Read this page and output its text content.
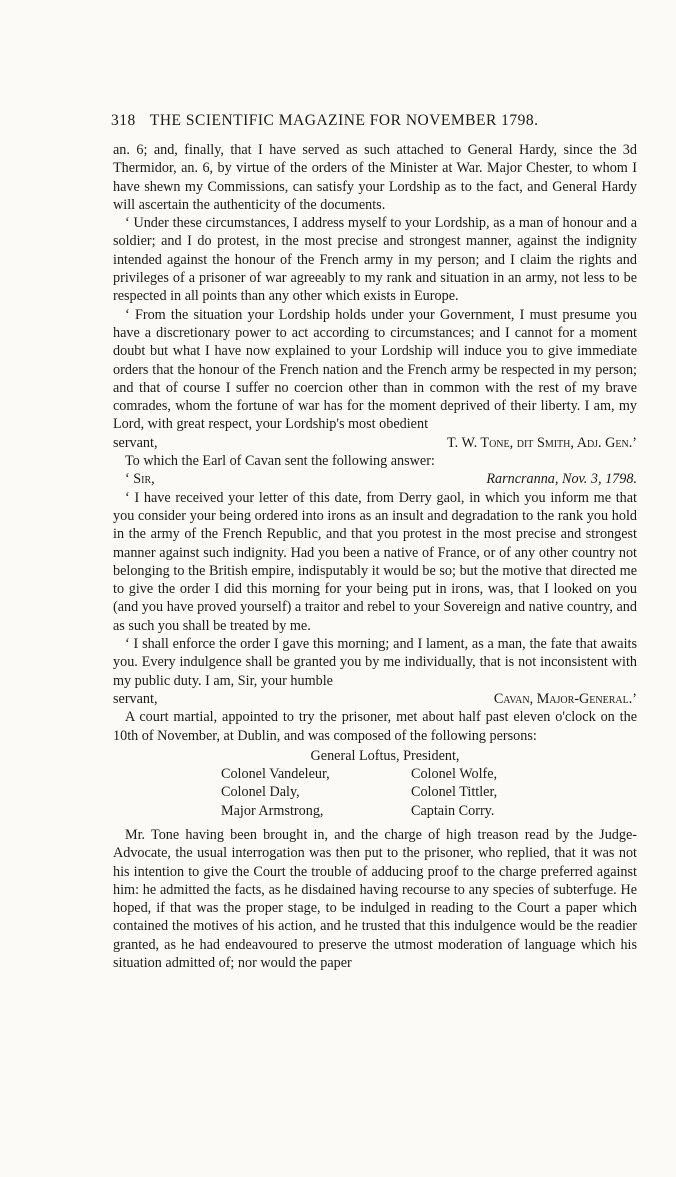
318 THE SCIENTIFIC MAGAZINE FOR NOVEMBER 1798.

an. 6; and, finally, that I have served as such attached to General Hardy, since the 3d Thermidor, an. 6, by virtue of the orders of the Minister at War. Major Chester, to whom I have shewn my Commissions, can satisfy your Lordship as to the fact, and General Hardy will ascertain the authenticity of the documents.

‘ Under these circumstances, I address myself to your Lordship, as a man of honour and a soldier; and I do protest, in the most precise and strongest manner, against the indignity intended against the honour of the French army in my person; and I claim the rights and privileges of a prisoner of war agreeably to my rank and situation in an army, not less to be respected in all points than any other which exists in Europe.

‘ From the situation your Lordship holds under your Government, I must presume you have a discretionary power to act according to circumstances; and I cannot for a moment doubt but what I have now explained to your Lordship will induce you to give immediate orders that the honour of the French nation and the French army be respected in my person; and that of course I suffer no coercion other than in common with the rest of my brave comrades, whom the fortune of war has for the moment deprived of their liberty. I am, my Lord, with great respect, your Lordship's most obedient

servant,	T. W. Tone, dit Smith, Adj. Gen.’

To which the Earl of Cavan sent the following answer:

‘ Sir,	Rarncranna, Nov. 3, 1798.

‘ I have received your letter of this date, from Derry gaol, in which you inform me that you consider your being ordered into irons as an insult and degradation to the rank you hold in the army of the French Republic, and that you protest in the most precise and strongest manner against such indignity. Had you been a native of France, or of any other country not belonging to the British empire, indisputably it would be so; but the motive that directed me to give the order I did this morning for your being put in irons, was, that I looked on you (and you have proved yourself) a traitor and rebel to your Sovereign and native country, and as such you shall be treated by me.

‘ I shall enforce the order I gave this morning; and I lament, as a man, the fate that awaits you. Every indulgence shall be granted you by me individually, that is not inconsistent with my public duty. I am, Sir, your humble

servant,	Cavan, Major-General.’

A court martial, appointed to try the prisoner, met about half past eleven o'clock on the 10th of November, at Dublin, and was composed of the following persons:

General Loftus, President,
Colonel Vandeleur,	Colonel Wolfe,
Colonel Daly,	Colonel Tittler,
Major Armstrong,	Captain Corry.

Mr. Tone having been brought in, and the charge of high treason read by the Judge-Advocate, the usual interrogation was then put to the prisoner, who replied, that it was not his intention to give the Court the trouble of adducing proof to the charge preferred against him: he admitted the facts, as he disdained having recourse to any species of subterfuge. He hoped, if that was the proper stage, to be indulged in reading to the Court a paper which contained the motives of his action, and he trusted that this indulgence would be the readier granted, as he had endeavoured to preserve the utmost moderation of language which his situation admitted of; nor would the paper
